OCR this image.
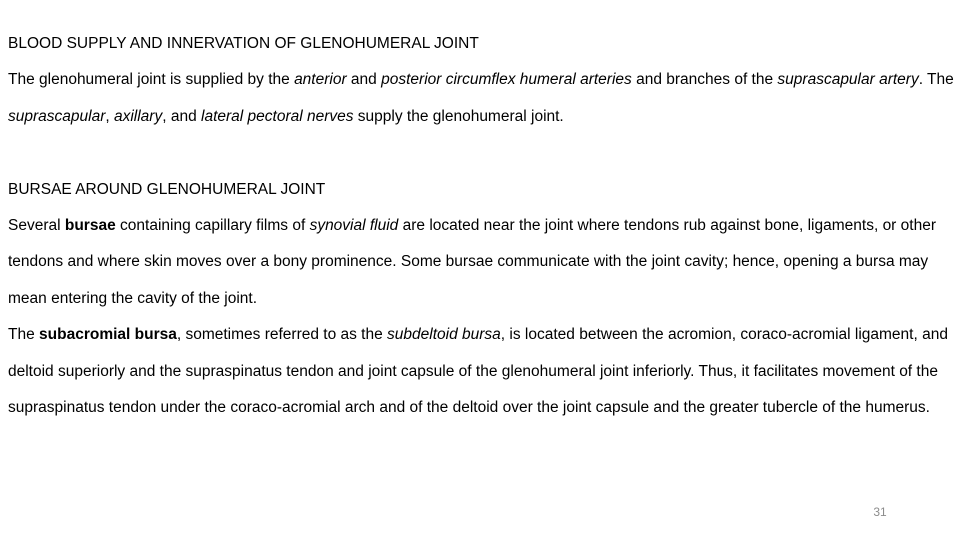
BLOOD SUPPLY AND INNERVATION OF GLENOHUMERAL JOINT

The glenohumeral joint is supplied by the anterior and posterior circumflex humeral arteries and branches of the suprascapular artery. The suprascapular, axillary, and lateral pectoral nerves supply the glenohumeral joint.

BURSAE AROUND GLENOHUMERAL JOINT

Several bursae containing capillary films of synovial fluid are located near the joint where tendons rub against bone, ligaments, or other tendons and where skin moves over a bony prominence. Some bursae communicate with the joint cavity; hence, opening a bursa may mean entering the cavity of the joint.

The subacromial bursa, sometimes referred to as the subdeltoid bursa, is located between the acromion, coraco-acromial ligament, and deltoid superiorly and the supraspinatus tendon and joint capsule of the glenohumeral joint inferiorly. Thus, it facilitates movement of the supraspinatus tendon under the coraco-acromial arch and of the deltoid over the joint capsule and the greater tubercle of the humerus.

31
